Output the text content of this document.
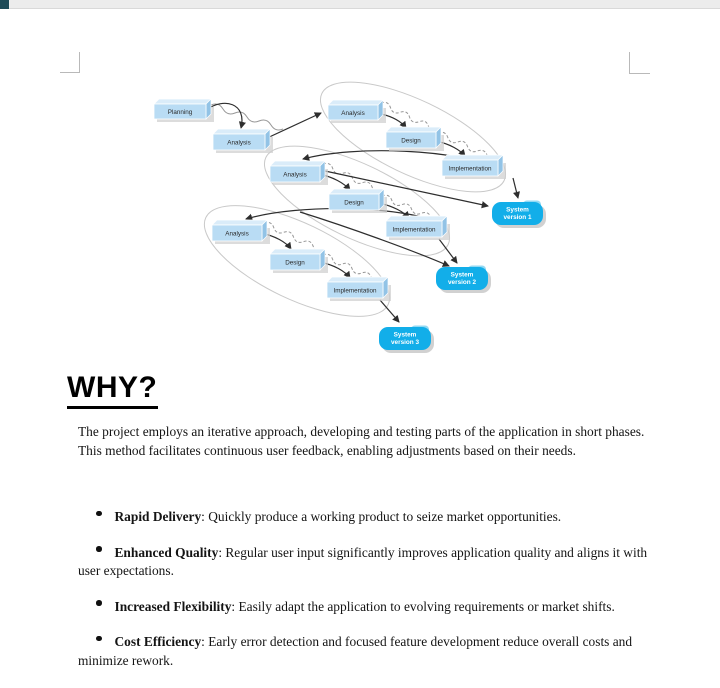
Planning
Analysis
Analysis
Design
Implementation
Analysis
Design
Implementation
Analysis
Design
Implementation
System version 1
System version 2
System version 3
WHY?

The project employs an iterative approach, developing and testing parts of the application in short phases. This method facilitates continuous user feedback, enabling adjustments based on their needs.

Rapid Delivery: Quickly produce a working product to seize market opportunities.
Enhanced Quality: Regular user input significantly improves application quality and aligns it with user expectations.
Increased Flexibility: Easily adapt the application to evolving requirements or market shifts.
Cost Efficiency: Early error detection and focused feature development reduce overall costs and minimize rework.
